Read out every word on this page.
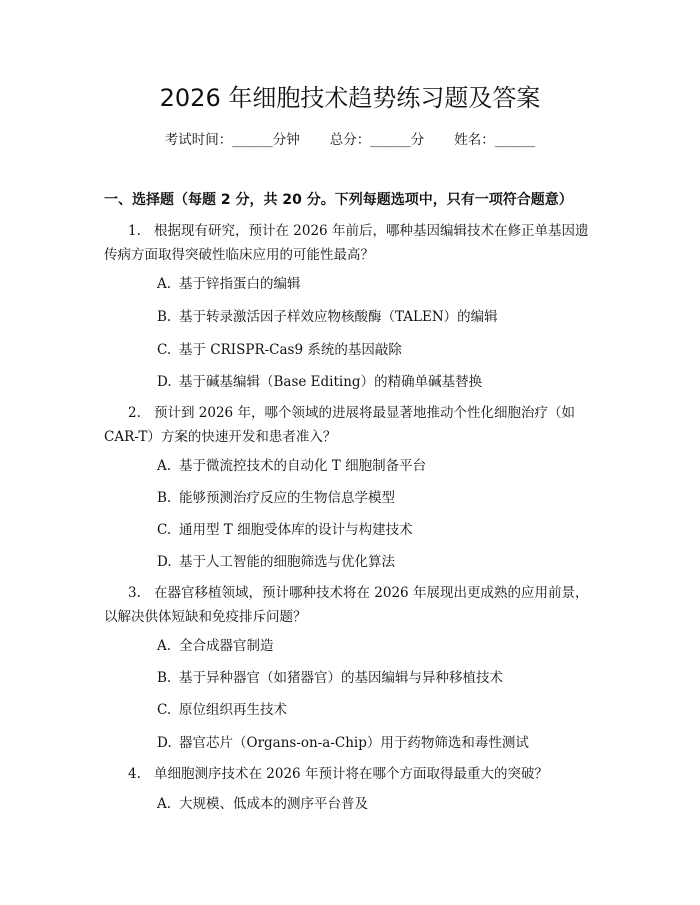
2026 年细胞技术趋势练习题及答案
考试时间：______分钟 总分：______分 姓名：______
一、选择题（每题 2 分，共 20 分。下列每题选项中，只有一项符合题意）
1. 根据现有研究，预计在 2026 年前后，哪种基因编辑技术在修正单基因遗传病方面取得突破性临床应用的可能性最高？
A. 基于锌指蛋白的编辑
B. 基于转录激活因子样效应物核酸酶（TALEN）的编辑
C. 基于 CRISPR-Cas9 系统的基因敲除
D. 基于碱基编辑（Base Editing）的精确单碱基替换
2. 预计到 2026 年，哪个领域的进展将最显著地推动个性化细胞治疗（如 CAR-T）方案的快速开发和患者准入？
A. 基于微流控技术的自动化 T 细胞制备平台
B. 能够预测治疗反应的生物信息学模型
C. 通用型 T 细胞受体库的设计与构建技术
D. 基于人工智能的细胞筛选与优化算法
3. 在器官移植领域，预计哪种技术将在 2026 年展现出更成熟的应用前景，以解决供体短缺和免疫排斥问题？
A. 全合成器官制造
B. 基于异种器官（如猪器官）的基因编辑与异种移植技术
C. 原位组织再生技术
D. 器官芯片（Organs-on-a-Chip）用于药物筛选和毒性测试
4. 单细胞测序技术在 2026 年预计将在哪个方面取得最重大的突破？
A. 大规模、低成本的测序平台普及
